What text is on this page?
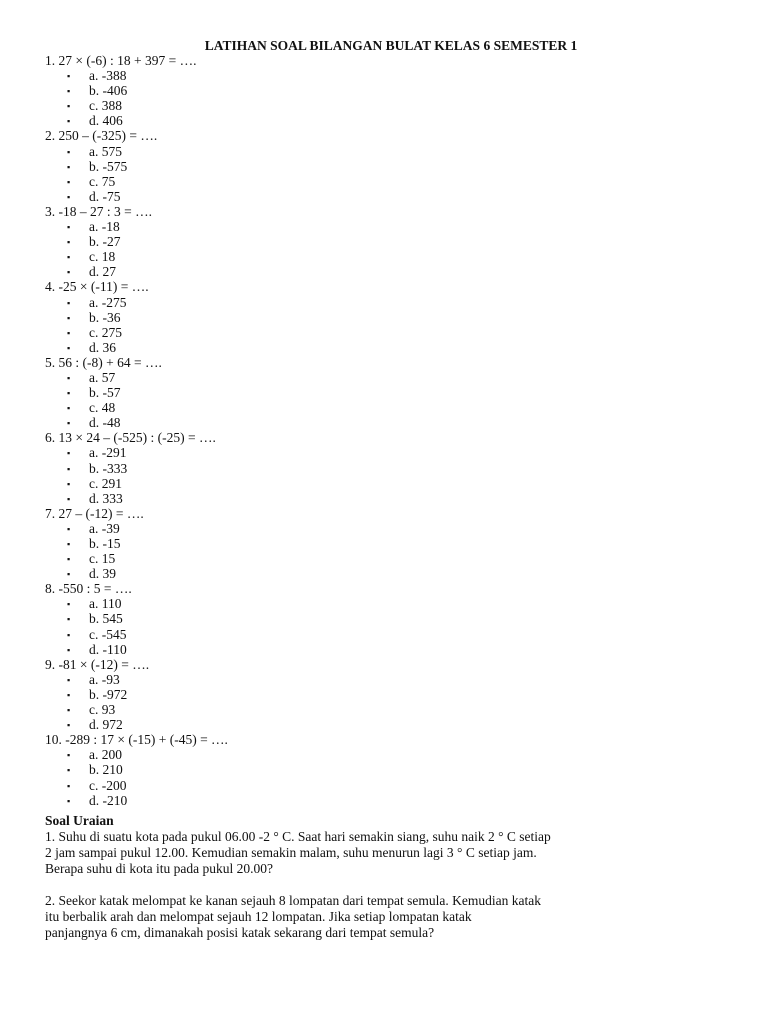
LATIHAN SOAL BILANGAN BULAT KELAS 6 SEMESTER 1
1. 27 × (-6) : 18 + 397 = ….
▪ a. -388
▪ b. -406
▪ c. 388
▪ d. 406
2. 250 – (-325) = ….
▪ a. 575
▪ b. -575
▪ c. 75
▪ d. -75
3. -18 – 27 : 3 = ….
▪ a. -18
▪ b. -27
▪ c. 18
▪ d. 27
4. -25 × (-11) = ….
▪ a. -275
▪ b. -36
▪ c. 275
▪ d. 36
5. 56 : (-8) + 64 = ….
▪ a. 57
▪ b. -57
▪ c. 48
▪ d. -48
6. 13 × 24 – (-525) : (-25) = ….
▪ a. -291
▪ b. -333
▪ c. 291
▪ d. 333
7. 27 – (-12) = ….
▪ a. -39
▪ b. -15
▪ c. 15
▪ d. 39
8. -550 : 5 = ….
▪ a. 110
▪ b. 545
▪ c. -545
▪ d. -110
9. -81 × (-12) = ….
▪ a. -93
▪ b. -972
▪ c. 93
▪ d. 972
10. -289 : 17 × (-15) + (-45) = ….
▪ a. 200
▪ b. 210
▪ c. -200
▪ d. -210
Soal Uraian
1. Suhu di suatu kota pada pukul 06.00 -2 ° C. Saat hari semakin siang, suhu naik 2 ° C setiap
2 jam sampai pukul 12.00. Kemudian semakin malam, suhu menurun lagi 3 ° C setiap jam.
Berapa suhu di kota itu pada pukul 20.00?
2. Seekor katak melompat ke kanan sejauh 8 lompatan dari tempat semula. Kemudian katak
itu berbalik arah dan melompat sejauh 12 lompatan. Jika setiap lompatan katak
panjangnya 6 cm, dimanakah posisi katak sekarang dari tempat semula?
